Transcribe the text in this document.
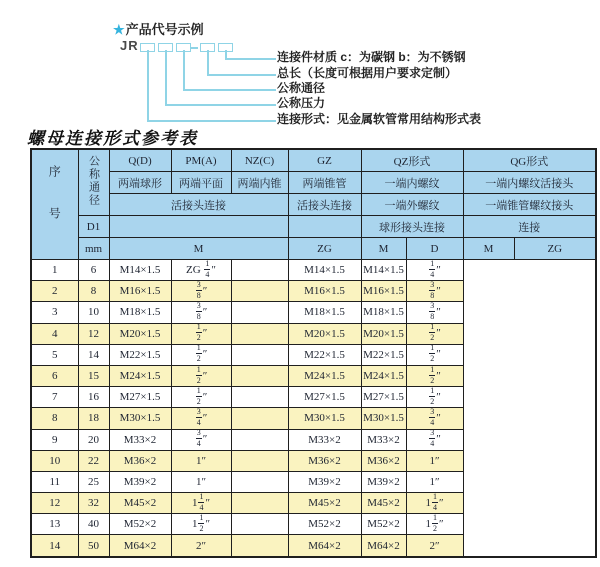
★产品代号示例
JR
连接件材质 c：为碳钢 b：为不锈钢
总长（长度可根据用户要求定制）
公称通径
公称压力
连接形式：见金属软管常用结构形式表
螺母连接形式参考表
序号	公称通径	Q(D)	PM(A)	NZ(C)	GZ	QZ形式		QG形式	
		两端球形	两端平面	两端内锥	两端锥管	一端内螺纹		一端内螺纹活接头	
		活接头连接			活接头连接	一端外螺纹		一端锥管螺纹接头	
	D1					球形接头连接		连接	
	mm	M			ZG	M	D	M	ZG
1	6	M14×1.5	ZG $\frac{1}{4}$ ″		M14×1.5	M14×1.5	$\frac{1}{4}$ ″		
2	8	M16×1.5	$\frac{3}{8}$ ″		M16×1.5	M16×1.5	$\frac{3}{8}$ ″		
3	10	M18×1.5	$\frac{3}{8}$ ″		M18×1.5	M18×1.5	$\frac{3}{8}$ ″		
4	12	M20×1.5	$\frac{1}{2}$ ″		M20×1.5	M20×1.5	$\frac{1}{2}$ ″		
5	14	M22×1.5	$\frac{1}{2}$ ″		M22×1.5	M22×1.5	$\frac{1}{2}$ ″		
6	15	M24×1.5	$\frac{1}{2}$ ″		M24×1.5	M24×1.5	$\frac{1}{2}$ ″		
7	16	M27×1.5	$\frac{1}{2}$ ″		M27×1.5	M27×1.5	$\frac{1}{2}$ ″		
8	18	M30×1.5	$\frac{3}{4}$ ″		M30×1.5	M30×1.5	$\frac{3}{4}$ ″		
9	20	M33×2	$\frac{3}{4}$ ″		M33×2	M33×2	$\frac{3}{4}$ ″		
10	22	M36×2	1″		M36×2	M36×2	1″		
11	25	M39×2	1″		M39×2	M39×2	1″		
12	32	M45×2	$1 \frac{1}{4}$ ″		M45×2	M45×2	$1 \frac{1}{4}$ ″		
13	40	M52×2	$1 \frac{1}{2}$ ″		M52×2	M52×2	$1 \frac{1}{2}$ ″		
14	50	M64×2	2″		M64×2	M64×2	2″		
